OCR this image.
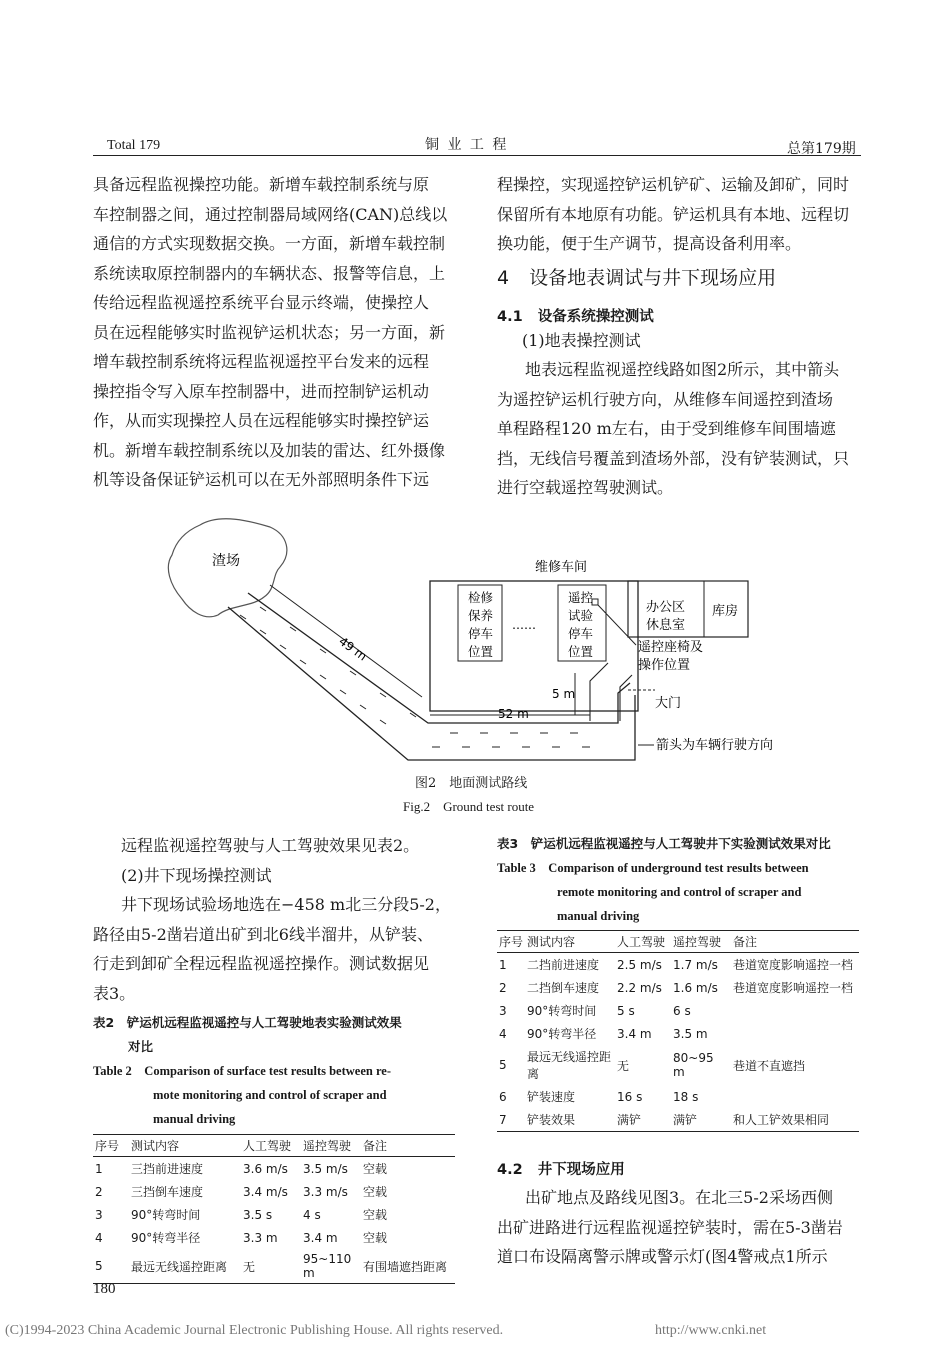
Total 179	铜 业 工 程	总第179期
具备远程监视操控功能。新增车载控制系统与原
车控制器之间，通过控制器局域网络(CAN)总线以
通信的方式实现数据交换。一方面，新增车载控制
系统读取原控制器内的车辆状态、报警等信息，上
传给远程监视遥控系统平台显示终端，使操控人
员在远程能够实时监视铲运机状态；另一方面，新
增车载控制系统将远程监视遥控平台发来的远程
操控指令写入原车控制器中，进而控制铲运机动
作，从而实现操控人员在远程能够实时操控铲运
机。新增车载控制系统以及加装的雷达、红外摄像
机等设备保证铲运机可以在无外部照明条件下远
程操控，实现遥控铲运机铲矿、运输及卸矿，同时
保留所有本地原有功能。铲运机具有本地、远程切
换功能，便于生产调节，提高设备利用率。
4 设备地表调试与井下现场应用
4.1 设备系统操控测试
(1)地表操控测试
地表远程监视遥控线路如图2所示，其中箭头
为遥控铲运机行驶方向，从维修车间遥控到渣场
单程路程120 m左右，由于受到维修车间围墙遮
挡，无线信号覆盖到渣场外部，没有铲装测试，只
进行空载遥控驾驶测试。
渣场
49 m
维修车间
检修
保养
停车
位置
……
遥控
试验
停车
位置
办公区
休息室
库房
遥控座椅及
操作位置
52 m
5 m
大门
箭头为车辆行驶方向
图2　地面测试路线
Fig.2　Ground test route
远程监视遥控驾驶与人工驾驶效果见表2。
(2)井下现场操控测试
井下现场试验场地选在−458 m北三分段5-2，
路径由5-2凿岩道出矿到北6线半溜井，从铲装、
行走到卸矿全程远程监视遥控操作。测试数据见
表3。
表2　铲运机远程监视遥控与人工驾驶地表实验测试效果
对比
Table 2　Comparison of surface test results between re-
mote monitoring and control of scraper and
manual driving
序号	测试内容	人工驾驶	遥控驾驶	备注
1	三挡前进速度	3.6 m/s	3.5 m/s	空载
2	三挡倒车速度	3.4 m/s	3.3 m/s	空载
3	90°转弯时间	3.5 s	4 s	空载
4	90°转弯半径	3.3 m	3.4 m	空载
5	最远无线遥控距离	无	95~110 m	有围墙遮挡距离
表3　铲运机远程监视遥控与人工驾驶井下实验测试效果对比
Table 3　Comparison of underground test results between
remote monitoring and control of scraper and
manual driving
序号	测试内容	人工驾驶	遥控驾驶	备注
1	二挡前进速度	2.5 m/s	1.7 m/s	巷道宽度影响遥控一档
2	二挡倒车速度	2.2 m/s	1.6 m/s	巷道宽度影响遥控一档
3	90°转弯时间	5 s	6 s	
4	90°转弯半径	3.4 m	3.5 m	
5	最远无线遥控距离	无	80~95 m	巷道不直遮挡
6	铲装速度	16 s	18 s	
7	铲装效果	满铲	满铲	和人工铲效果相同
4.2 井下现场应用
出矿地点及路线见图3。在北三5-2采场西侧
出矿进路进行远程监视遥控铲装时，需在5-3凿岩
道口布设隔离警示牌或警示灯(图4警戒点1所示
180
(C)1994-2023 China Academic Journal Electronic Publishing House. All rights reserved.	http://www.cnki.net
